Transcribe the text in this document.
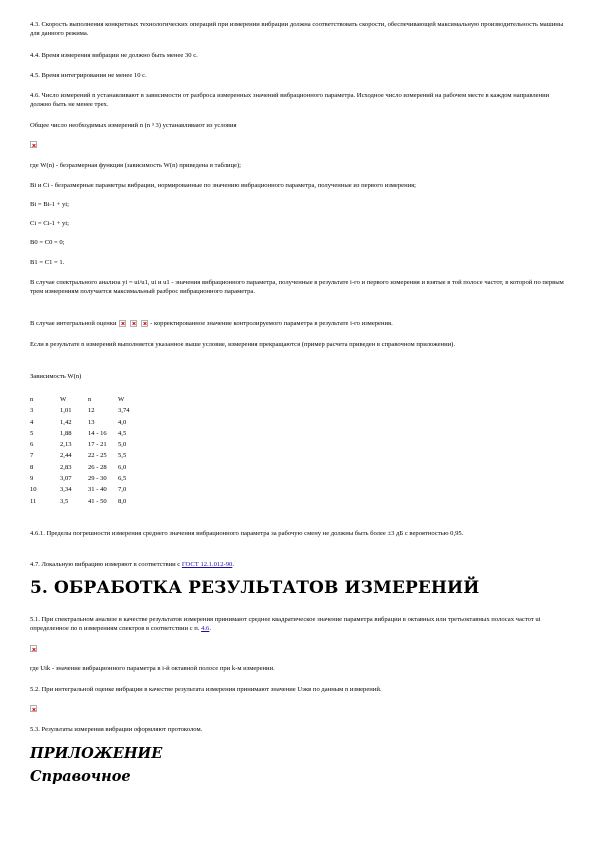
4.3. Скорость выполнения конкретных технологических операций при измерении вибрации должна соответствовать скорости, обеспечивающей максимальную производительность машины для данного режима.

4.4. Время измерения вибрации не должно быть менее 30 с.

4.5. Время интегрирования не менее 10 с.

4.6. Число измерений n устанавливают в зависимости от разброса измеренных значений вибрационного параметра. Исходное число измерений на рабочем месте в каждом направлении должно быть не менее трех.

Общее число необходимых измерений n (n ³ 3) устанавливают из условия

где W(n) - безразмерная функция (зависимость W(n) приведена в таблице);

Bi и Ci - безразмерные параметры вибрации, нормированные по значению вибрационного параметра, полученные из первого измерения;

Bi = Bi-1 + yi;

Ci = Ci-1 + yi;

B0 = C0 = 0;

B1 = C1 = 1.

В случае спектрального анализа yi = ui/u1, ui и u1 - значения вибрационного параметра, полученные в результате i-го и первого измерения и взятые в той полосе частот, в которой по первым трем измерениям получается максимальный разброс вибрационного параметра.

В случае интегральной оценки	- корректированное значение контролируемого параметра в результате i-го измерения.

Если в результате n измерений выполняется указанное выше условие, измерения прекращаются (пример расчета приведен в справочном приложении).

Зависимость W(n)

n	W	n	W
3	1,01	12	3,74
4	1,42	13	4,0
5	1,88	14 - 16	4,5
6	2,13	17 - 21	5,0
7	2,44	22 - 25	5,5
8	2,83	26 - 28	6,0
9	3,07	29 - 30	6,5
10	3,34	31 - 40	7,0
11	3,5	41 - 50	8,0

4.6.1. Пределы погрешности измерения среднего значения вибрационного параметра за рабочую смену не должны быть более ±3 дБ с вероятностью 0,95.

4.7. Локальную вибрацию измеряют в соответствии с ГОСТ 12.1.012-90.

5. ОБРАБОТКА РЕЗУЛЬТАТОВ ИЗМЕРЕНИЙ

5.1. При спектральном анализе в качестве результатов измерения принимают среднее квадратическое значение параметра вибрации в октавных или третьоктавных полосах частот ui определенное по n измерениям спектров в соответствии с п. 4.6.

где Uik - значение вибрационного параметра в i-й октавной полосе при k-м измерении.

5.2. При интегральной оценке вибрации в качестве результата измерения принимают значение Uэкв по данным n измерений.

5.3. Результаты измерения вибрации оформляют протоколом.

ПРИЛОЖЕНИЕ
Справочное
